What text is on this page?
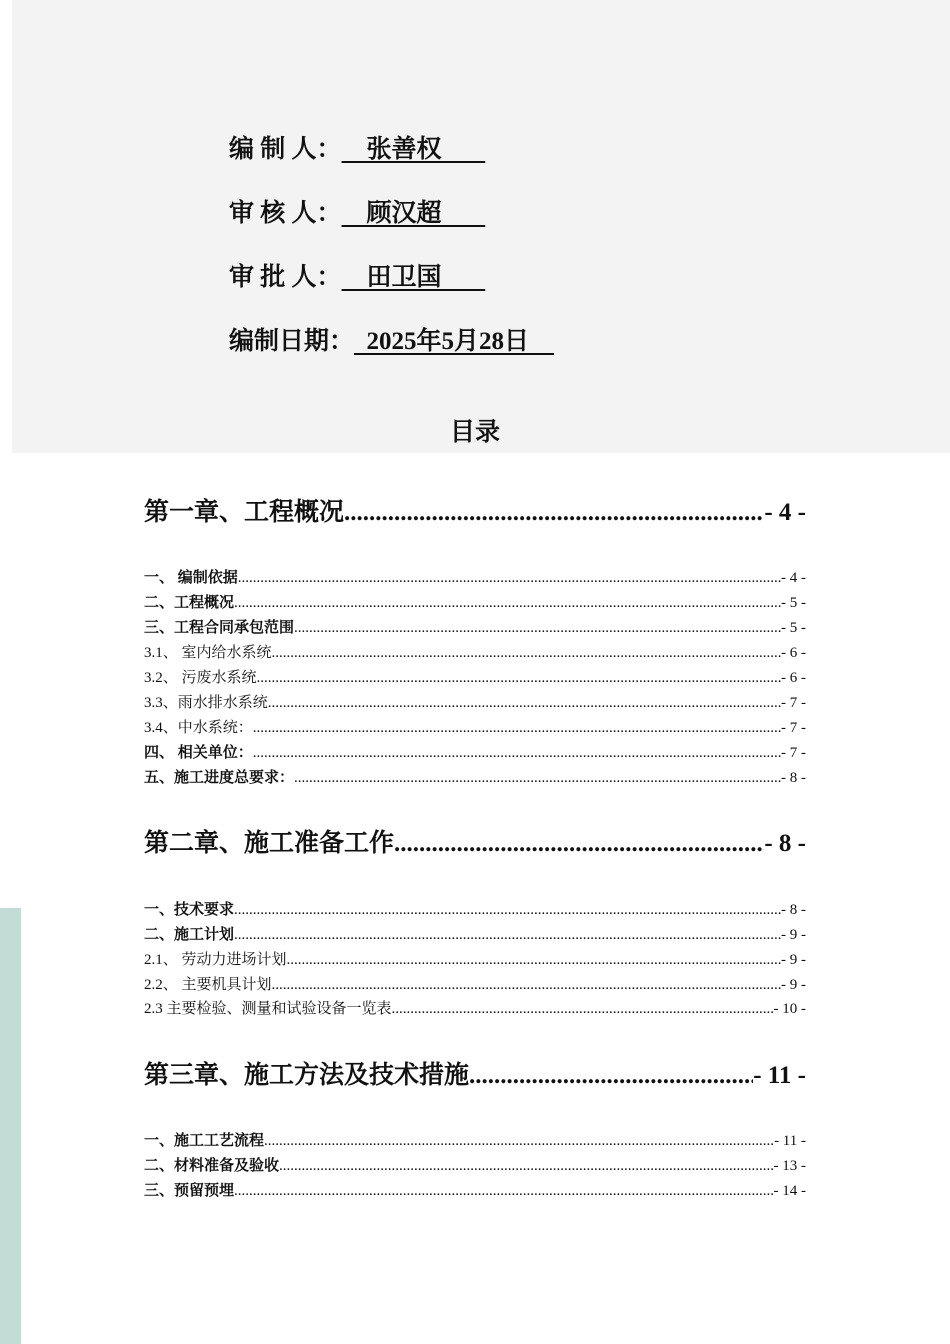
编 制 人：    张善权
审 核 人：    顾汉超
审 批 人：    田卫国
编制日期：  2025年5月28日
目录
第一章、工程概况 .....	- 4 -
一、 编制依据 .....	- 4 -
二、工程概况 .....	- 5 -
三、工程合同承包范围 .....	- 5 -
3.1、 室内给水系统 .....	- 6 -
3.2、 污废水系统 .....	- 6 -
3.3、雨水排水系统 .....	- 7 -
3.4、中水系统： .....	- 7 -
四、 相关单位： .....	- 7 -
五、施工进度总要求： .....	- 8 -
第二章、施工准备工作 .....	- 8 -
一、技术要求 .....	- 8 -
二、施工计划 .....	- 9 -
2.1、 劳动力进场计划 .....	- 9 -
2.2、 主要机具计划 .....	- 9 -
2.3 主要检验、测量和试验设备一览表 .....	- 10 -
第三章、施工方法及技术措施 .....	- 11 -
一、施工工艺流程 .....	- 11 -
二、材料准备及验收 .....	- 13 -
三、预留预埋 .....	- 14 -
